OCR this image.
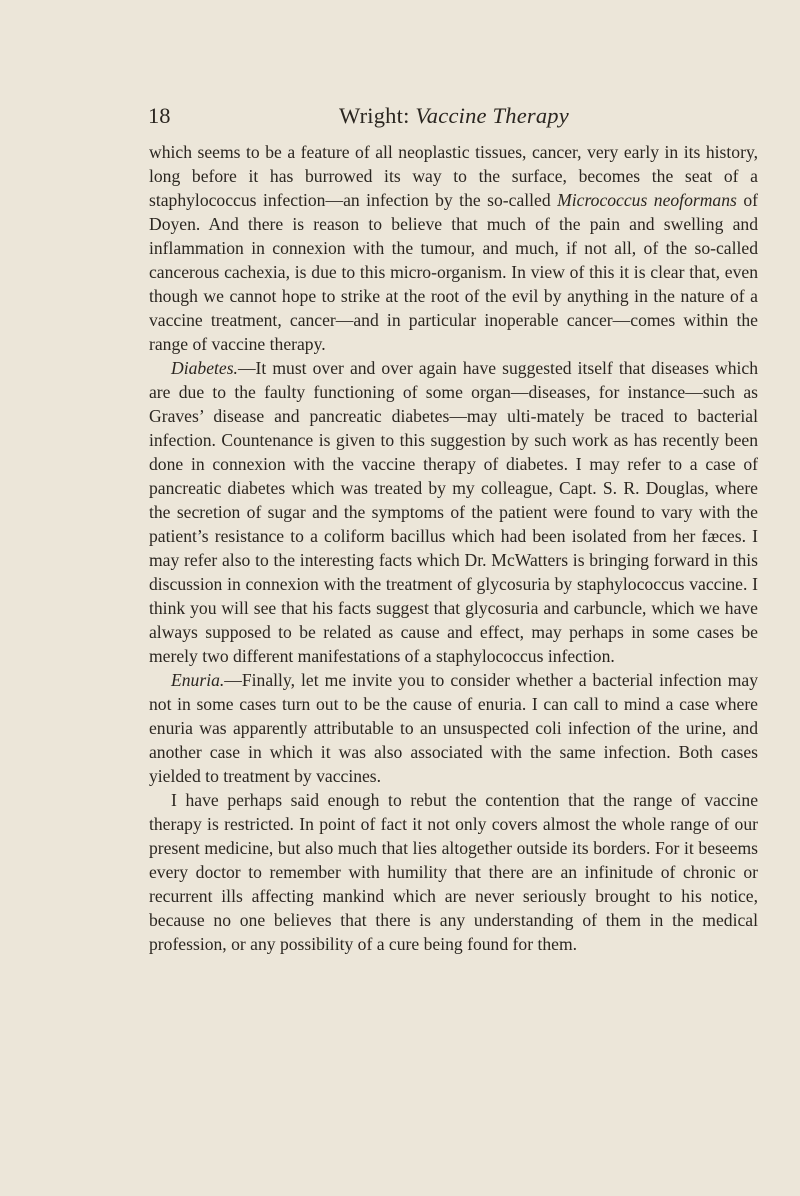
18	Wright: Vaccine Therapy

which seems to be a feature of all neoplastic tissues, cancer, very early in its history, long before it has burrowed its way to the surface, becomes the seat of a staphylococcus infection—an infection by the so-called Micrococcus neoformans of Doyen. And there is reason to believe that much of the pain and swelling and inflammation in connexion with the tumour, and much, if not all, of the so-called cancerous cachexia, is due to this micro-organism. In view of this it is clear that, even though we cannot hope to strike at the root of the evil by anything in the nature of a vaccine treatment, cancer—and in particular inoperable cancer—comes within the range of vaccine therapy.

Diabetes.—It must over and over again have suggested itself that diseases which are due to the faulty functioning of some organ—diseases, for instance—such as Graves’ disease and pancreatic diabetes—may ulti-mately be traced to bacterial infection. Countenance is given to this suggestion by such work as has recently been done in connexion with the vaccine therapy of diabetes. I may refer to a case of pancreatic diabetes which was treated by my colleague, Capt. S. R. Douglas, where the secretion of sugar and the symptoms of the patient were found to vary with the patient’s resistance to a coliform bacillus which had been isolated from her fæces. I may refer also to the interesting facts which Dr. McWatters is bringing forward in this discussion in connexion with the treatment of glycosuria by staphylococcus vaccine. I think you will see that his facts suggest that glycosuria and carbuncle, which we have always supposed to be related as cause and effect, may perhaps in some cases be merely two different manifestations of a staphylococcus infection.

Enuria.—Finally, let me invite you to consider whether a bacterial infection may not in some cases turn out to be the cause of enuria. I can call to mind a case where enuria was apparently attributable to an unsuspected coli infection of the urine, and another case in which it was also associated with the same infection. Both cases yielded to treatment by vaccines.

I have perhaps said enough to rebut the contention that the range of vaccine therapy is restricted. In point of fact it not only covers almost the whole range of our present medicine, but also much that lies altogether outside its borders. For it beseems every doctor to remember with humility that there are an infinitude of chronic or recurrent ills affecting mankind which are never seriously brought to his notice, because no one believes that there is any understanding of them in the medical profession, or any possibility of a cure being found for them.
